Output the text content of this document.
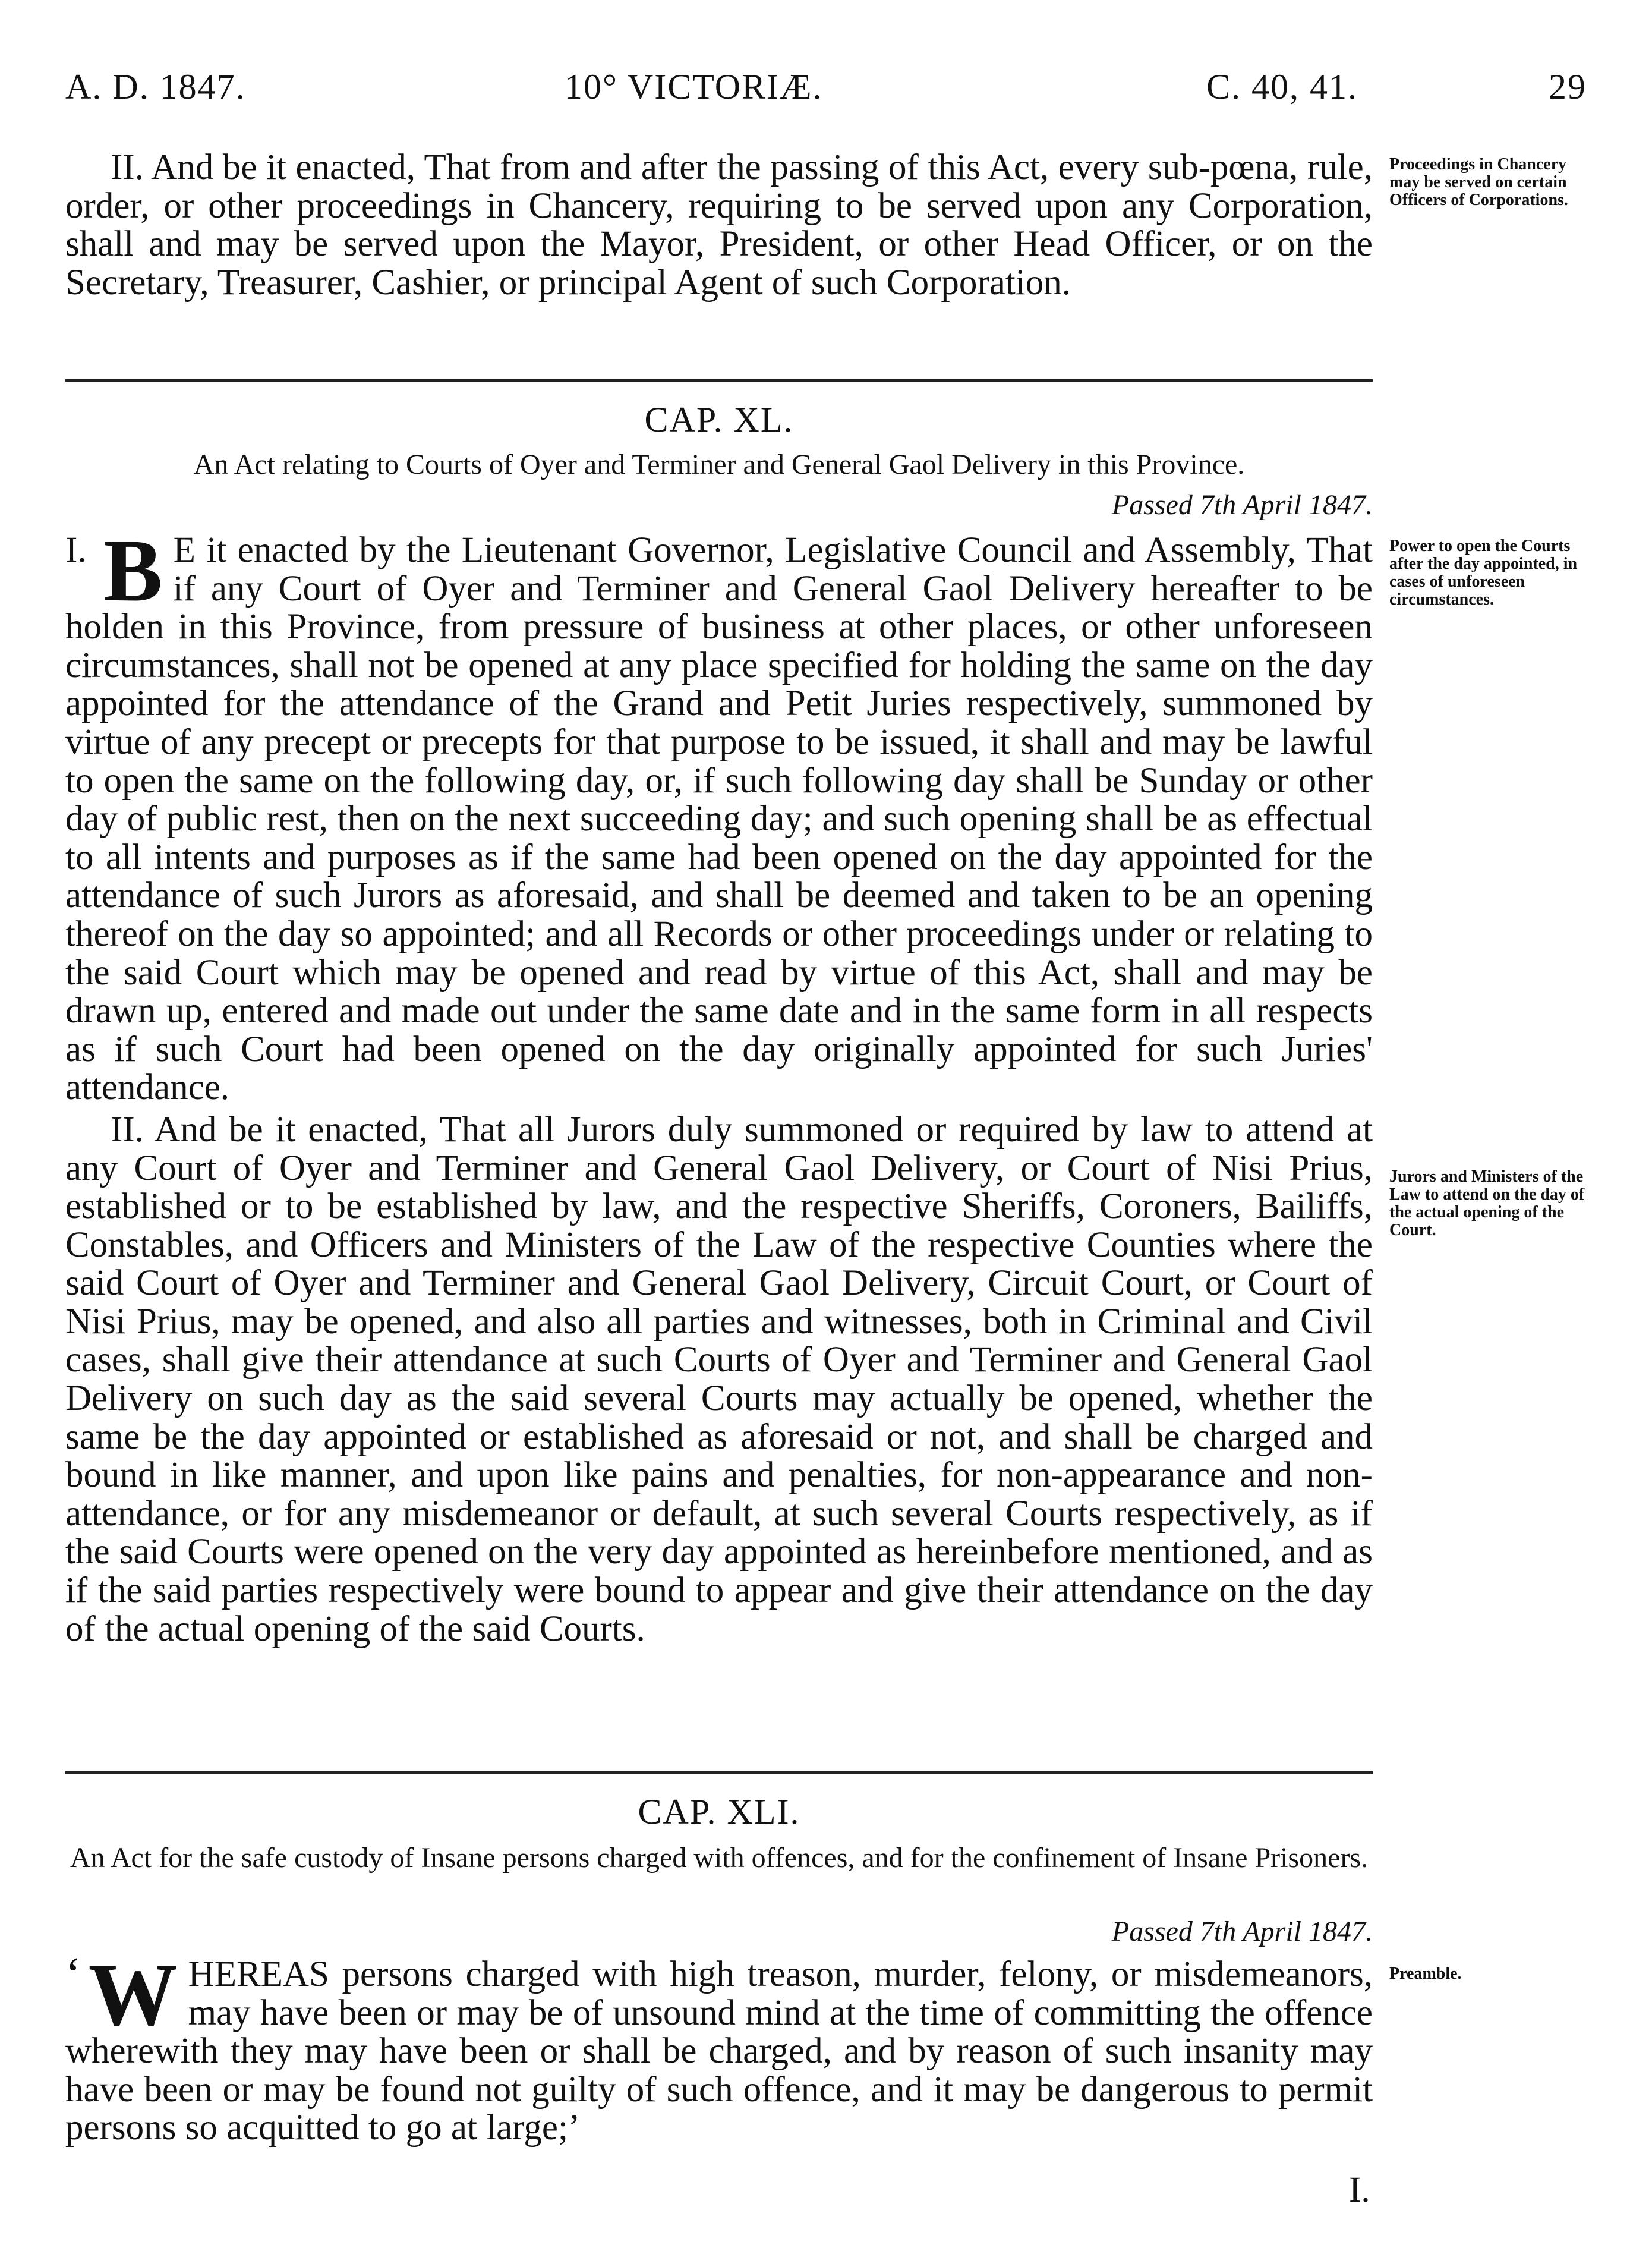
A. D. 1847.	10° VICTORIÆ.	C. 40, 41.	29

II. And be it enacted, That from and after the passing of this Act, every sub-pœna, rule, order, or other proceedings in Chancery, requiring to be served upon any Corporation, shall and may be served upon the Mayor, President, or other Head Officer, or on the Secretary, Treasurer, Cashier, or principal Agent of such Corporation.

Proceedings in Chancery may be served on certain Officers of Corporations.
CAP. XL.
An Act relating to Courts of Oyer and Terminer and General Gaol Delivery in this Province.
Passed 7th April 1847.

I. B E it enacted by the Lieutenant Governor, Legislative Council and Assembly, That if any Court of Oyer and Terminer and General Gaol Delivery hereafter to be holden in this Province, from pressure of business at other places, or other unforeseen circumstances, shall not be opened at any place specified for holding the same on the day appointed for the attendance of the Grand and Petit Juries respectively, summoned by virtue of any precept or precepts for that purpose to be issued, it shall and may be lawful to open the same on the following day, or, if such following day shall be Sunday or other day of public rest, then on the next succeeding day; and such opening shall be as effectual to all intents and purposes as if the same had been opened on the day appointed for the attendance of such Jurors as aforesaid, and shall be deemed and taken to be an opening thereof on the day so appointed; and all Records or other proceedings under or relating to the said Court which may be opened and read by virtue of this Act, shall and may be drawn up, entered and made out under the same date and in the same form in all respects as if such Court had been opened on the day originally appointed for such Juries' attendance.

II. And be it enacted, That all Jurors duly summoned or required by law to attend at any Court of Oyer and Terminer and General Gaol Delivery, or Court of Nisi Prius, established or to be established by law, and the respective Sheriffs, Coroners, Bailiffs, Constables, and Officers and Ministers of the Law of the respective Counties where the said Court of Oyer and Terminer and General Gaol Delivery, Circuit Court, or Court of Nisi Prius, may be opened, and also all parties and witnesses, both in Criminal and Civil cases, shall give their attendance at such Courts of Oyer and Terminer and General Gaol Delivery on such day as the said several Courts may actually be opened, whether the same be the day appointed or established as aforesaid or not, and shall be charged and bound in like manner, and upon like pains and penalties, for non-appearance and non-attendance, or for any misdemeanor or default, at such several Courts respectively, as if the said Courts were opened on the very day appointed as hereinbefore mentioned, and as if the said parties respectively were bound to appear and give their attendance on the day of the actual opening of the said Courts.

Power to open the Courts after the day appointed, in cases of unforeseen circumstances.
Jurors and Ministers of the Law to attend on the day of the actual opening of the Court.
CAP. XLI.
An Act for the safe custody of Insane persons charged with offences, and for the confinement of Insane Prisoners.
Passed 7th April 1847.

‘ W HEREAS persons charged with high treason, murder, felony, or misdemeanors, may have been or may be of unsound mind at the time of committing the offence wherewith they may have been or shall be charged, and by reason of such insanity may have been or may be found not guilty of such offence, and it may be dangerous to permit persons so acquitted to go at large;’

Preamble.
I.
